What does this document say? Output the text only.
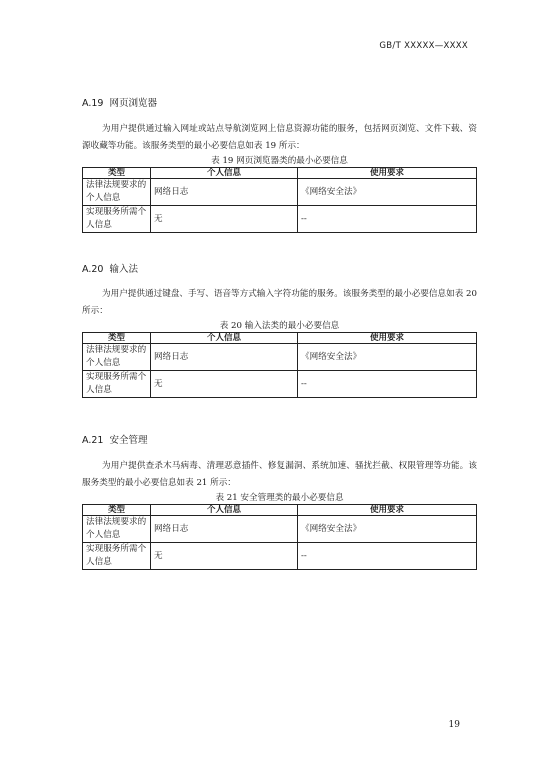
GB/T XXXXX—XXXX

A.19 网页浏览器

为用户提供通过输入网址或站点导航浏览网上信息资源功能的服务，包括网页浏览、文件下载、资源收藏等功能。该服务类型的最小必要信息如表 19 所示：

表 19 网页浏览器类的最小必要信息

类型	个人信息	使用要求
法律法规要求的个人信息	网络日志	《网络安全法》
实现服务所需个人信息	无	--

A.20 输入法

为用户提供通过键盘、手写、语音等方式输入字符功能的服务。该服务类型的最小必要信息如表 20 所示：

表 20 输入法类的最小必要信息

类型	个人信息	使用要求
法律法规要求的个人信息	网络日志	《网络安全法》
实现服务所需个人信息	无	--

A.21 安全管理

为用户提供查杀木马病毒、清理恶意插件、修复漏洞、系统加速、骚扰拦截、权限管理等功能。该服务类型的最小必要信息如表 21 所示：

表 21 安全管理类的最小必要信息

类型	个人信息	使用要求
法律法规要求的个人信息	网络日志	《网络安全法》
实现服务所需个人信息	无	--
19
